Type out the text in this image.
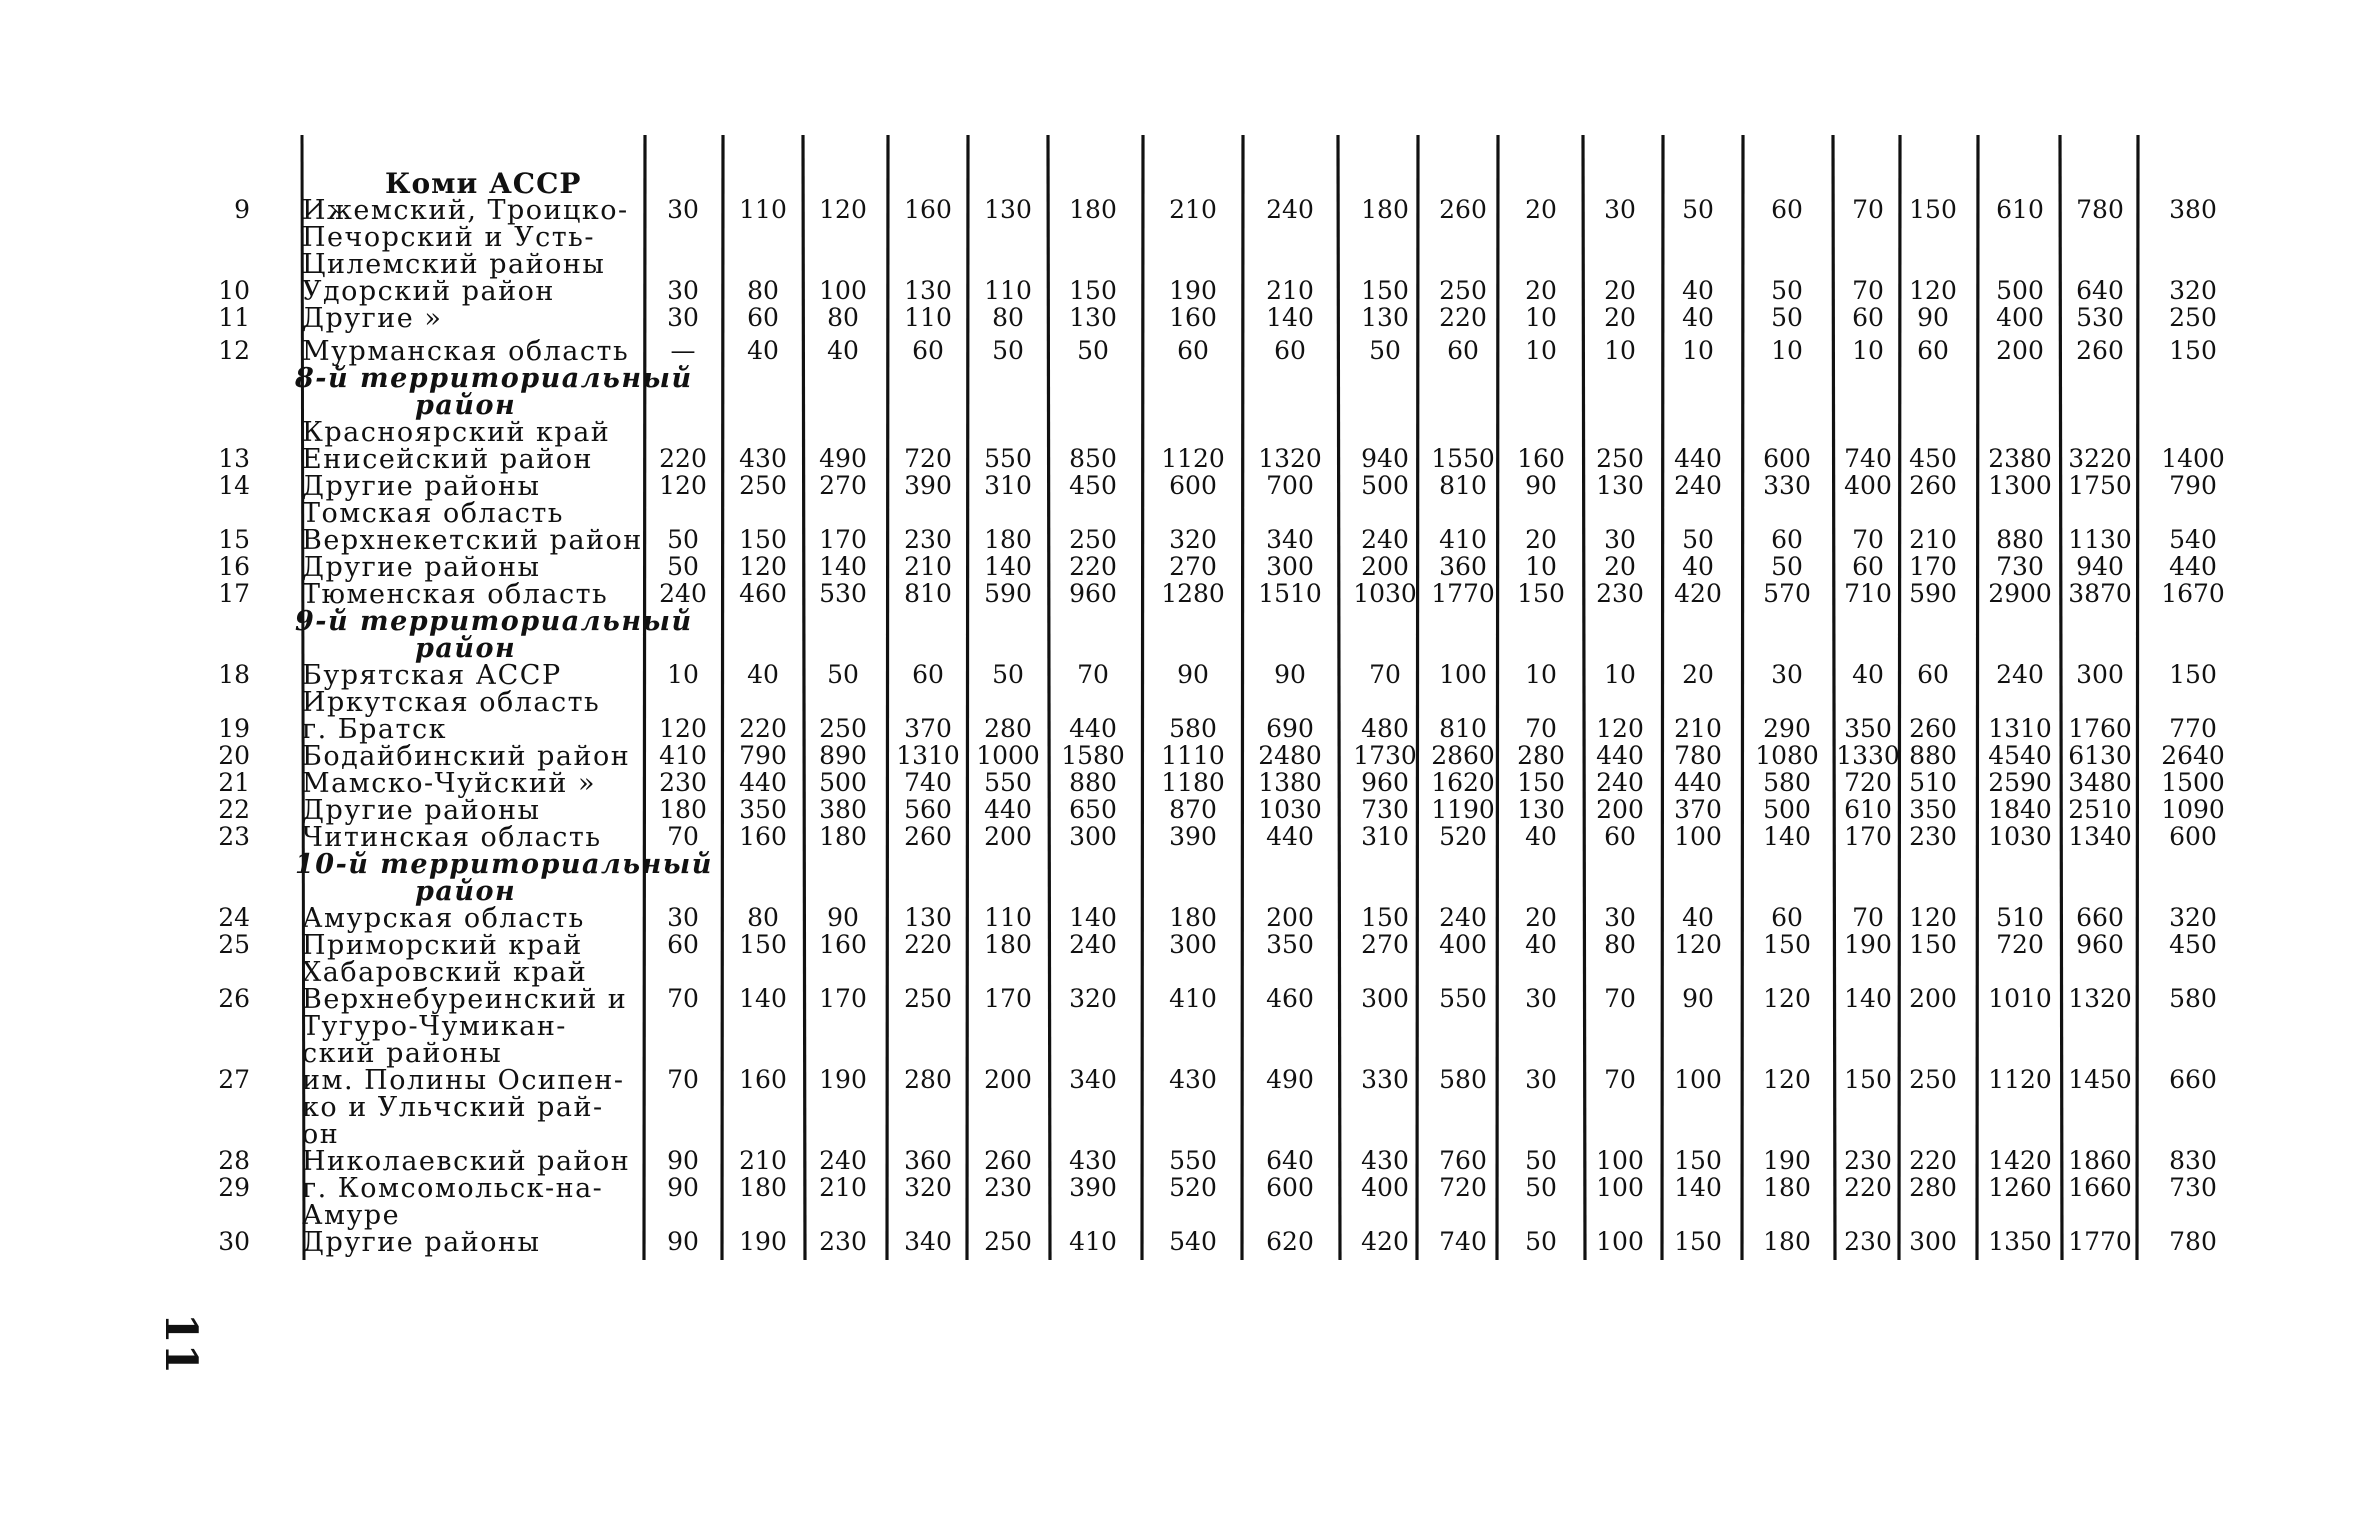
11
Коми АССР
Ижемский, Троицко-
Печорский и Усть-
Цилемский районы
9	30	110	120	160	130	180	210	240	180	260	20	30	50	60	70	150	610	780	380
Удорский район
10	30	80	100	130	110	150	190	210	150	250	20	20	40	50	70	120	500	640	320
Другие »
11	30	60	80	110	80	130	160	140	130	220	10	20	40	50	60	90	400	530	250
Мурманская область
12	—	40	40	60	50	50	60	60	50	60	10	10	10	10	10	60	200	260	150
8-й территориальный
район
Красноярский край
Енисейский район
13	220	430	490	720	550	850	1120	1320	940 1550 160	250	440	600	740 450	2380 3220	1400
Другие районы
14	120	250	270	390	310	450	600	700	500	810	90	130	240	330	400 260	1300 1750	790
Томская область
Верхнекетский район
15	50	150	170	230	180	250	320	340	240	410	20	30	50	60	70	210	880 1130	540
Другие районы
16	50	120	140	210	140	220	270	300	200	360	10	20	40	50	60	170	730	940	440
Тюменская область
17	240	460	530	810	590	960	1280	1510	1030 1770 150	230	420	570	710 590	2900 3870	1670
9-й территориальный
район
Бурятская АССР
18	10	40	50	60	50	70	90	90	70	100	10	10	20	30	40	60	240	300	150
Иркутская область
г. Братск
19	120	220	250	370	280	440	580	690	480	810	70	120	210	290	350 260	1310 1760	770
Бодайбинский район
20	410	790	890	1310 1000 1580	1110	2480	1730 2860 280	440	780	1080 1330 880	4540 6130	2640
Мамско-Чуйский »
21	230	440	500	740	550	880	1180	1380	960 1620 150	240	440	580	720 510	2590 3480	1500
Другие районы
22	180	350	380	560	440	650	870	1030	730 1190 130	200	370	500	610 350	1840 2510	1090
Читинская область
23	70	160	180	260	200	300	390	440	310	520	40	60	100	140	170 230	1030 1340	600
10-й территориальный
район
Амурская область
24	30	80	90	130	110	140	180	200	150	240	20	30	40	60	70	120	510	660	320
Приморский край
25	60	150	160	220	180	240	300	350	270	400	40	80	120	150	190 150	720	960	450
Хабаровский край
Верхнебуреинский и
Тугуро-Чумикан-
ский районы
26	70	140	170	250	170	320	410	460	300	550	30	70	90	120	140 200	1010 1320	580
им. Полины Осипен-
ко и Ульчский рай-
он
27	70	160	190	280	200	340	430	490	330	580	30	70	100	120	150 250	1120 1450	660
Николаевский район
28	90	210	240	360	260	430	550	640	430	760	50	100	150	190	230 220	1420 1860	830
г. Комсомольск-на-
Амуре
29	90	180	210	320	230	390	520	600	400	720	50	100	140	180	220 280	1260 1660	730
Другие районы
30	90	190	230	340	250	410	540	620	420	740	50	100	150	180	230 300	1350 1770	780
